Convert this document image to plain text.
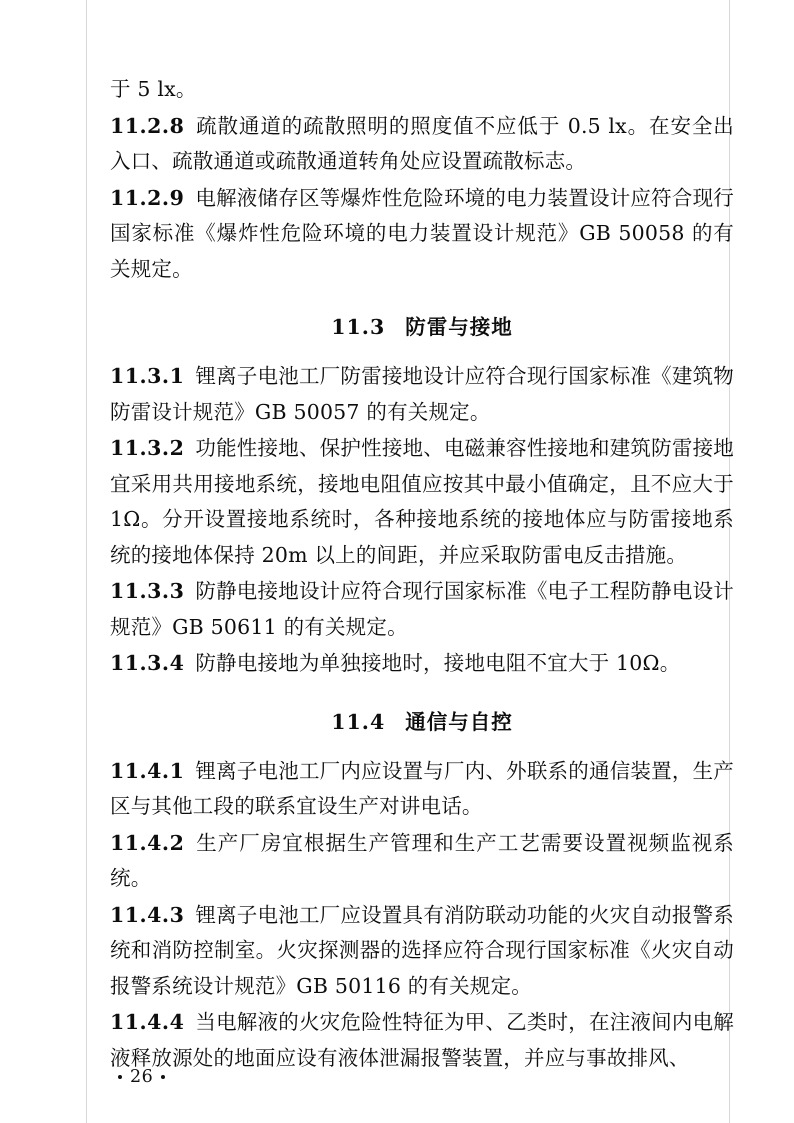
于 5 lx。

11.2.8 疏散通道的疏散照明的照度值不应低于 0.5 lx。在安全出入口、疏散通道或疏散通道转角处应设置疏散标志。

11.2.9 电解液储存区等爆炸性危险环境的电力装置设计应符合现行国家标准《爆炸性危险环境的电力装置设计规范》GB 50058 的有关规定。

11.3 防雷与接地

11.3.1 锂离子电池工厂防雷接地设计应符合现行国家标准《建筑物防雷设计规范》GB 50057 的有关规定。

11.3.2 功能性接地、保护性接地、电磁兼容性接地和建筑防雷接地宜采用共用接地系统，接地电阻值应按其中最小值确定，且不应大于 1Ω。分开设置接地系统时，各种接地系统的接地体应与防雷接地系统的接地体保持 20m 以上的间距，并应采取防雷电反击措施。

11.3.3 防静电接地设计应符合现行国家标准《电子工程防静电设计规范》GB 50611 的有关规定。

11.3.4 防静电接地为单独接地时，接地电阻不宜大于 10Ω。

11.4 通信与自控

11.4.1 锂离子电池工厂内应设置与厂内、外联系的通信装置，生产区与其他工段的联系宜设生产对讲电话。

11.4.2 生产厂房宜根据生产管理和生产工艺需要设置视频监视系统。

11.4.3 锂离子电池工厂应设置具有消防联动功能的火灾自动报警系统和消防控制室。火灾探测器的选择应符合现行国家标准《火灾自动报警系统设计规范》GB 50116 的有关规定。

11.4.4 当电解液的火灾危险性特征为甲、乙类时，在注液间内电解液释放源处的地面应设有液体泄漏报警装置，并应与事故排风、

26
